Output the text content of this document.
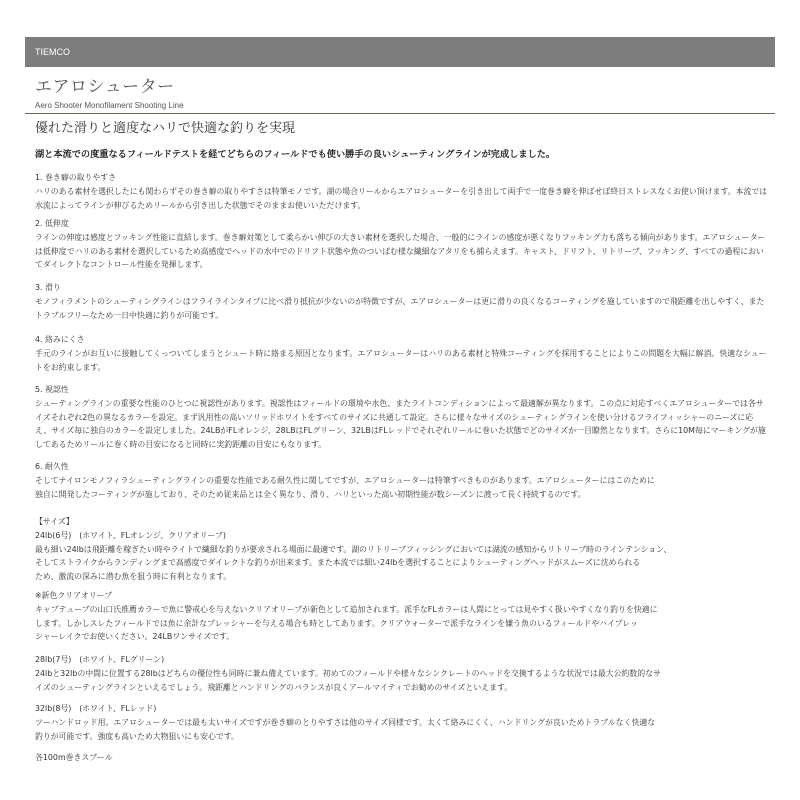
TIEMCO
エアロシューター
Aero Shooter Monofilament Shooting Line
優れた滑りと適度なハリで快適な釣りを実現
湖と本流での度重なるフィールドテストを経てどちらのフィールドでも使い勝手の良いシューティングラインが完成しました。
1. 巻き癖の取りやすさ
ハリのある素材を選択したにも関わらずその巻き癖の取りやすさは特筆モノです。湖の場合リールからエアロシューターを引き出して両手で一度巻き癖を伸ばせば終日ストレスなくお使い頂けます。本流では
水流によってラインが伸びるためリールから引き出した状態でそのままお使いいただけます。
2. 低伸度
ラインの伸度は感度とフッキング性能に直結します。巻き癖対策として柔らかい伸びの大きい素材を選択した場合、一般的にラインの感度が悪くなりフッキング力も落ちる傾向があります。エアロシューター
は低伸度でハリのある素材を選択しているため高感度でヘッドの水中でのドリフト状態や魚のついばむ様な繊細なアタリをも捕らえます。キャスト、ドリフト、リトリーブ、フッキング、すべての過程におい
てダイレクトなコントロール性能を発揮します。
3. 滑り
モノフィラメントのシューティングラインはフライラインタイプに比べ滑り抵抗が少ないのが特徴ですが、エアロシューターは更に滑りの良くなるコーティングを施していますので飛距離を出しやすく、また
トラブルフリーなため一日中快適に釣りが可能です。
4. 絡みにくさ
手元のラインがお互いに接触してくっついてしまうとシュート時に絡まる原因となります。エアロシューターはハリのある素材と特殊コーティングを採用することによりこの問題を大幅に解消。快適なシュー
トをお約束します。
5. 視認性
シューティングラインの重要な性能のひとつに視認性があります。視認性はフィールドの環境や水色、またライトコンディションによって最適解が異なります。この点に対応すべくエアロシューターでは各サ
イズそれぞれ2色の異なるカラーを設定。まず汎用性の高いソリッドホワイトをすべてのサイズに共通して設定。さらに様々なサイズのシューティングラインを使い分けるフライフィッシャーのニーズに応
え、サイズ毎に独自のカラーを設定しました。24LBがFLオレンジ、28LBはFLグリーン、32LBはFLレッドでそれぞれリールに巻いた状態でどのサイズか一目瞭然となります。さらに10M毎にマーキングが施
してあるためリールに巻く時の目安になると同時に実釣距離の目安にもなります。
6. 耐久性
そしてナイロンモノフィラシューティングラインの重要な性能である耐久性に関してですが、エアロシューターは特筆すべきものがあります。エアロシューターにはこのために
独自に開発したコーティングが施しており、そのため従来品とは全く異なり、滑り、ハリといった高い初期性能が数シーズンに渡って長く持続するのです。
【サイズ】
24lb(6号)　(ホワイト、FLオレンジ、クリアオリーブ)
最も細い24lbは飛距離を稼ぎたい時やライトで繊細な釣りが要求される場面に最適です。湖のリトリーブフィッシングにおいては湖流の感知からリトリーブ時のラインテンション、
そしてストライクからランディングまで高感度でダイレクトな釣りが出来ます。また本流では細い24lbを選択することによりシューティングヘッドがスムーズに沈められる
ため、激流の深みに潜む魚を狙う時に有利となります。
※新色クリアオリーブ
キャプテューブの山口氏推薦カラーで魚に警戒心を与えないクリアオリーブが新色として追加されます。派手なFLカラーは人間にとっては見やすく扱いやすくなり釣りを快適に
します。しかしスレたフィールドでは魚に余計なプレッシャーを与える場合も時としてあります。クリアウォーターで派手なラインを嫌う魚のいるフィールドやハイプレッ
シャーレイクでお使いください。24LBワンサイズです。
28lb(7号)　(ホワイト、FLグリーン)
24lbと32lbの中間に位置する28lbはどちらの優位性も同時に兼ね備えています。初めてのフィールドや様々なシンクレートのヘッドを交換するような状況では最大公約数的なサ
イズのシューティングラインといえるでしょう。飛距離とハンドリングのバランスが良くアールマイティでお勧めのサイズといえます。
32lb(8号)　(ホワイト、FLレッド)
ツーハンドロッド用。エアロシューターでは最も太いサイズですが巻き癖のとりやすさは他のサイズ同様です。太くて絡みにくく、ハンドリングが良いためトラブルなく快適な
釣りが可能です。強度も高いため大物狙いにも安心です。
各100m巻きスプール
